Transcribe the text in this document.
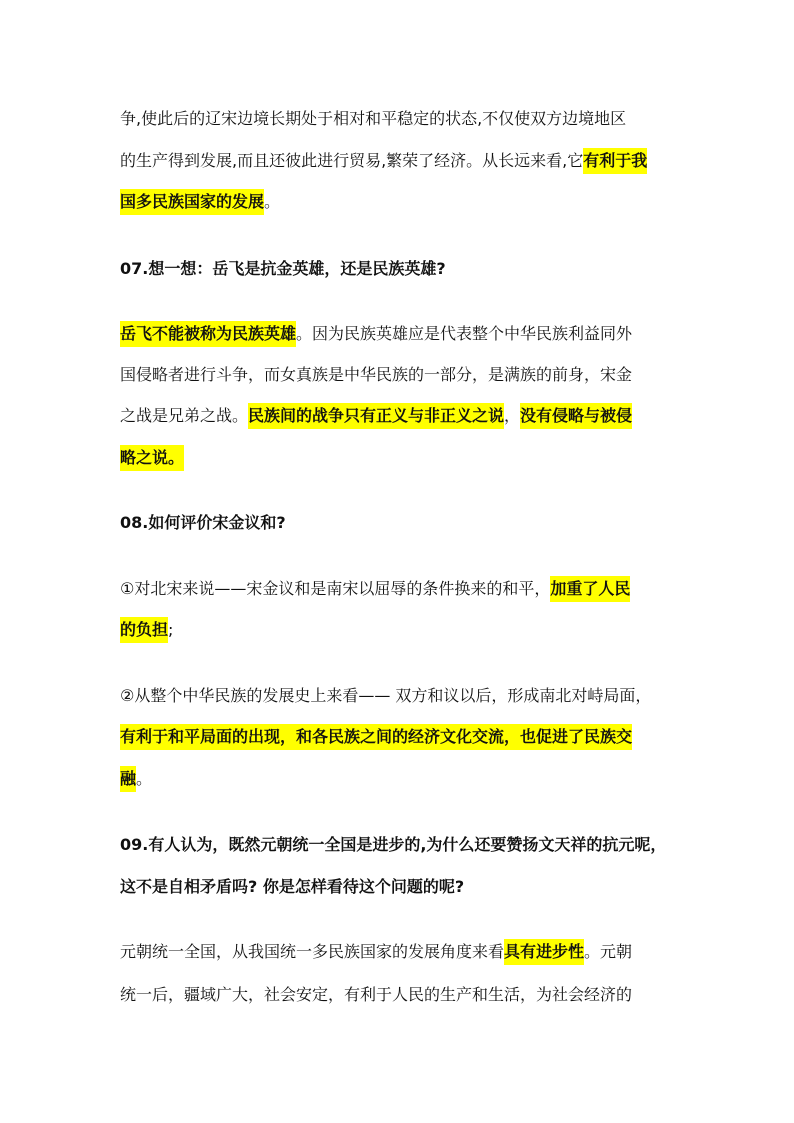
争,使此后的辽宋边境长期处于相对和平稳定的状态,不仅使双方边境地区
的生产得到发展,而且还彼此进行贸易,繁荣了经济。从长远来看,它有利于我
国多民族国家的发展。
07.想一想：岳飞是抗金英雄，还是民族英雄?
岳飞不能被称为民族英雄。因为民族英雄应是代表整个中华民族利益同外
国侵略者进行斗争，而女真族是中华民族的一部分，是满族的前身，宋金
之战是兄弟之战。民族间的战争只有正义与非正义之说，没有侵略与被侵
略之说。
08.如何评价宋金议和?
①对北宋来说——宋金议和是南宋以屈辱的条件换来的和平，加重了人民
的负担;
②从整个中华民族的发展史上来看—— 双方和议以后，形成南北对峙局面，
有利于和平局面的出现，和各民族之间的经济文化交流，也促进了民族交
融。
09.有人认为，既然元朝统一全国是进步的,为什么还要赞扬文天祥的抗元呢，
这不是自相矛盾吗? 你是怎样看待这个问题的呢?
元朝统一全国，从我国统一多民族国家的发展角度来看具有进步性。元朝
统一后，疆域广大，社会安定，有利于人民的生产和生活，为社会经济的
